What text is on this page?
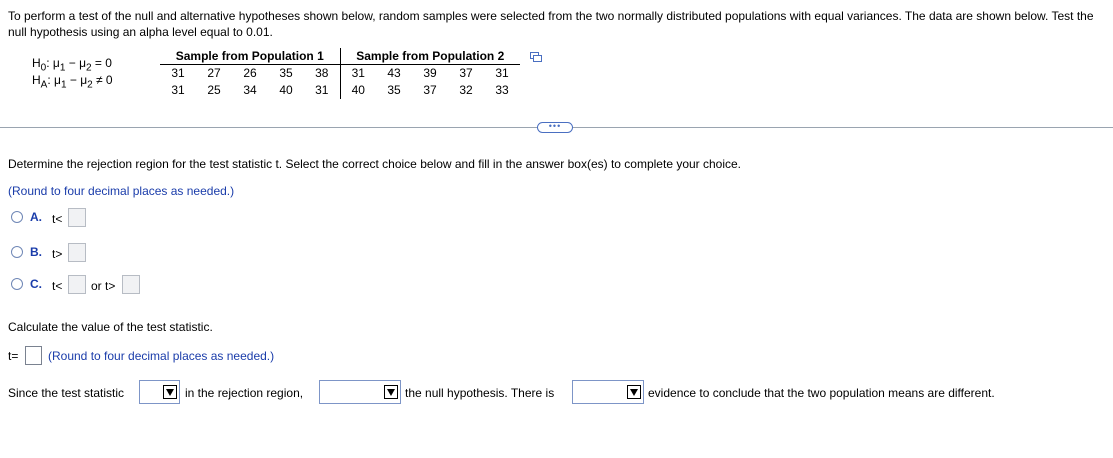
To perform a test of the null and alternative hypotheses shown below, random samples were selected from the two normally distributed populations with equal variances. The data are shown below. Test the null hypothesis using an alpha level equal to 0.01.
$H_0$: $\mu_1 - \mu_2 = 0$
$H_A$: $\mu_1 - \mu_2 \ne 0$
Sample from Population 1					Sample from Population 2				
31	27	26	35	38	31	43	39	37	31
31	25	34	40	31	40	35	37	32	33
•••
Determine the rejection region for the test statistic t. Select the correct choice below and fill in the answer box(es) to complete your choice.
(Round to four decimal places as needed.)
A. t<
B. t>
C. t< or t>
Calculate the value of the test statistic.
t= (Round to four decimal places as needed.)
Since the test statistic	in the rejection region,	the null hypothesis. There is	evidence to conclude that the two population means are different.
